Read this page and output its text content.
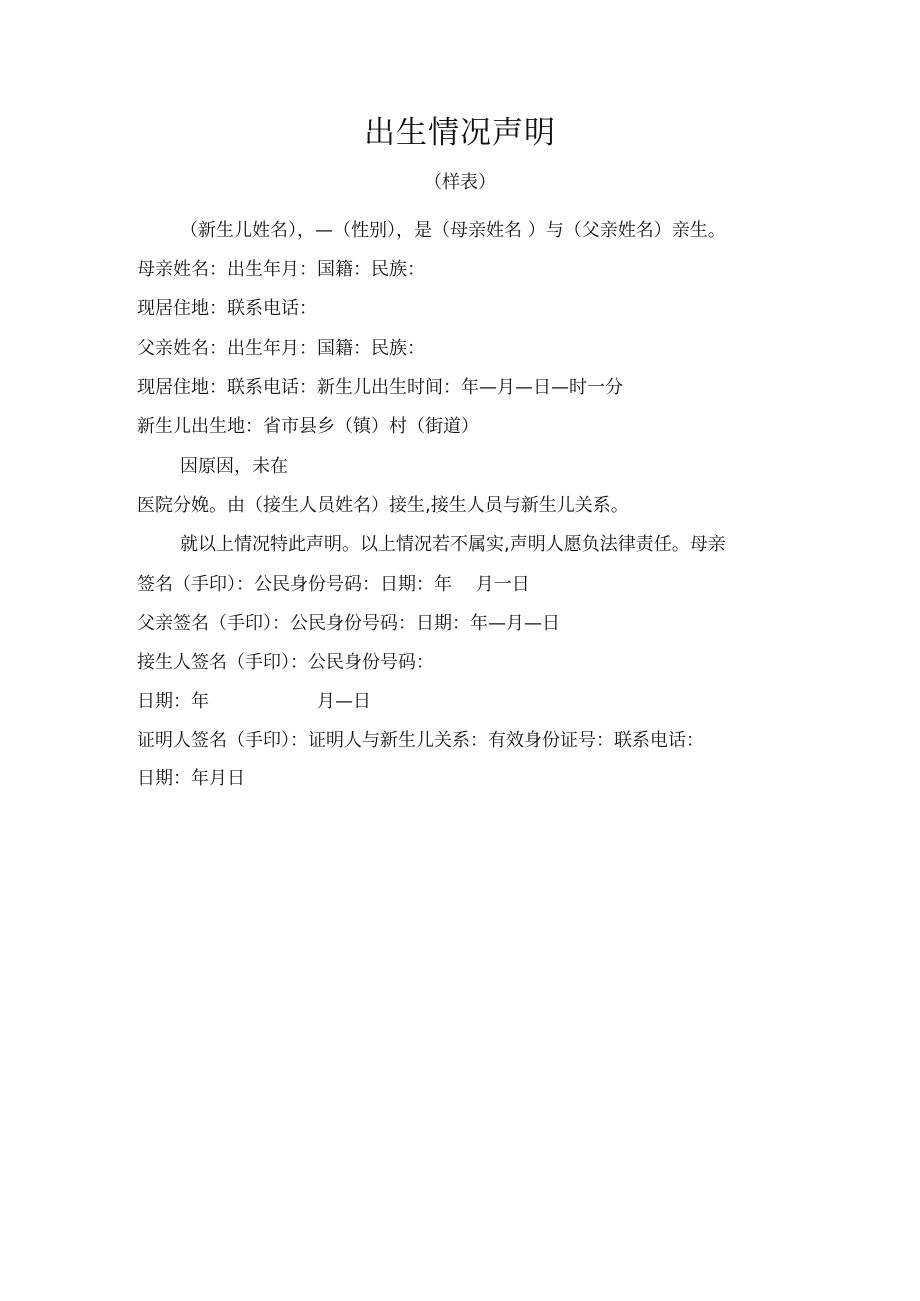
出生情况声明
（样表）
（新生儿姓名），—（性别），是（母亲姓名 ）与（父亲姓名）亲生。
母亲姓名：出生年月：国籍：民族：
现居住地：联系电话：
父亲姓名：出生年月：国籍：民族：
现居住地：联系电话：新生儿出生时间：年—月—日—时一分
新生儿出生地：省市县乡（镇）村（街道）
因原因，未在
医院分娩。由（接生人员姓名）接生,接生人员与新生儿关系。
就以上情况特此声明。以上情况若不属实,声明人愿负法律责任。母亲
签名（手印）：公民身份号码：日期：年　 月一日
父亲签名（手印）：公民身份号码：日期：年—月—日
接生人签名（手印）：公民身份号码：
日期：年　　　　　　月—日
证明人签名（手印）：证明人与新生儿关系：有效身份证号：联系电话：
日期：年月日
